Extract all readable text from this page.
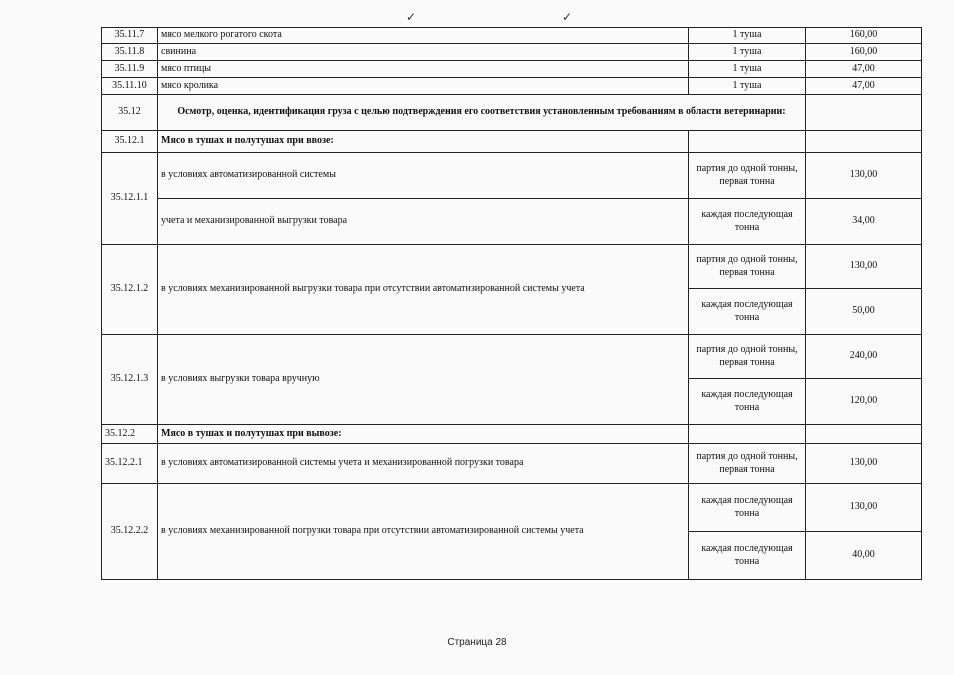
✓	✓
35.11.7	мясо мелкого рогатого скота	1 туша	160,00
35.11.8	свинина	1 туша	160,00
35.11.9	мясо птицы	1 туша	47,00
35.11.10	мясо кролика	1 туша	47,00
35.12	Осмотр, оценка, идентификация груза с целью подтверждения его соответствия установленным требованиям в области ветеринарии:		
35.12.1	Мясо в тушах и полутушах при ввозе:		
35.12.1.1	в условиях автоматизированной системы	партия до одной тонны, первая тонна	130,00
	учета и механизированной выгрузки товара	каждая последующая тонна	34,00
35.12.1.2	в условиях механизированной выгрузки товара при отсутствии автоматизированной системы учета	партия до одной тонны, первая тонна	130,00
		каждая последующая тонна	50,00
35.12.1.3	в условиях выгрузки товара вручную	партия до одной тонны, первая тонна	240,00
		каждая последующая тонна	120,00
35.12.2	Мясо в тушах и полутушах при вывозе:		
35.12.2.1	в условиях автоматизированной системы учета и механизированной погрузки товара	партия до одной тонны, первая тонна	130,00
35.12.2.2	в условиях механизированной погрузки товара при отсутствии автоматизированной системы учета	каждая последующая тонна	130,00
		каждая последующая тонна	40,00
Страница 28
